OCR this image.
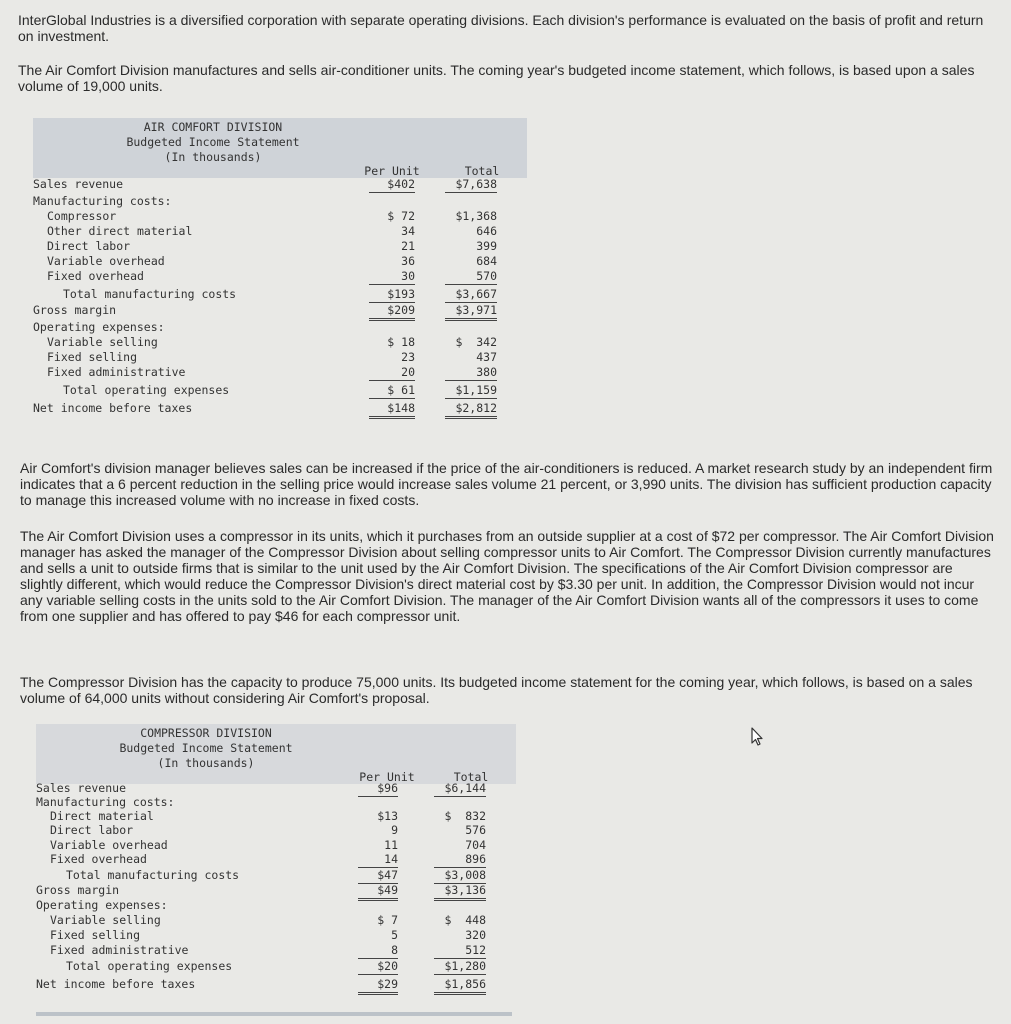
InterGlobal Industries is a diversified corporation with separate operating divisions. Each division's performance is evaluated on the basis of profit and return on investment.

The Air Comfort Division manufactures and sells air-conditioner units. The coming year's budgeted income statement, which follows, is based upon a sales volume of 19,000 units.

AIR COMFORT DIVISION
Budgeted Income Statement
(In thousands)
Per Unit	Total
Sales revenue	$402	$7,638
Manufacturing costs:
Compressor	$ 72	$1,368
Other direct material	34	646
Direct labor	21	399
Variable overhead	36	684
Fixed overhead	30	570
Total manufacturing costs	$193	$3,667
Gross margin	$209	$3,971
Operating expenses:
Variable selling	$ 18	$  342
Fixed selling	23	437
Fixed administrative	20	380
Total operating expenses	$ 61	$1,159
Net income before taxes	$148	$2,812

Air Comfort's division manager believes sales can be increased if the price of the air-conditioners is reduced. A market research study by an independent firm indicates that a 6 percent reduction in the selling price would increase sales volume 21 percent, or 3,990 units. The division has sufficient production capacity to manage this increased volume with no increase in fixed costs.

The Air Comfort Division uses a compressor in its units, which it purchases from an outside supplier at a cost of $72 per compressor. The Air Comfort Division manager has asked the manager of the Compressor Division about selling compressor units to Air Comfort. The Compressor Division currently manufactures and sells a unit to outside firms that is similar to the unit used by the Air Comfort Division. The specifications of the Air Comfort Division compressor are slightly different, which would reduce the Compressor Division's direct material cost by $3.30 per unit. In addition, the Compressor Division would not incur any variable selling costs in the units sold to the Air Comfort Division. The manager of the Air Comfort Division wants all of the compressors it uses to come from one supplier and has offered to pay $46 for each compressor unit.

The Compressor Division has the capacity to produce 75,000 units. Its budgeted income statement for the coming year, which follows, is based on a sales volume of 64,000 units without considering Air Comfort's proposal.

COMPRESSOR DIVISION
Budgeted Income Statement
(In thousands)
Per Unit	Total
Sales revenue	$96	$6,144
Manufacturing costs:
Direct material	$13	$  832
Direct labor	9	576
Variable overhead	11	704
Fixed overhead	14	896
Total manufacturing costs	$47	$3,008
Gross margin	$49	$3,136
Operating expenses:
Variable selling	$ 7	$  448
Fixed selling	5	320
Fixed administrative	8	512
Total operating expenses	$20	$1,280
Net income before taxes	$29	$1,856
